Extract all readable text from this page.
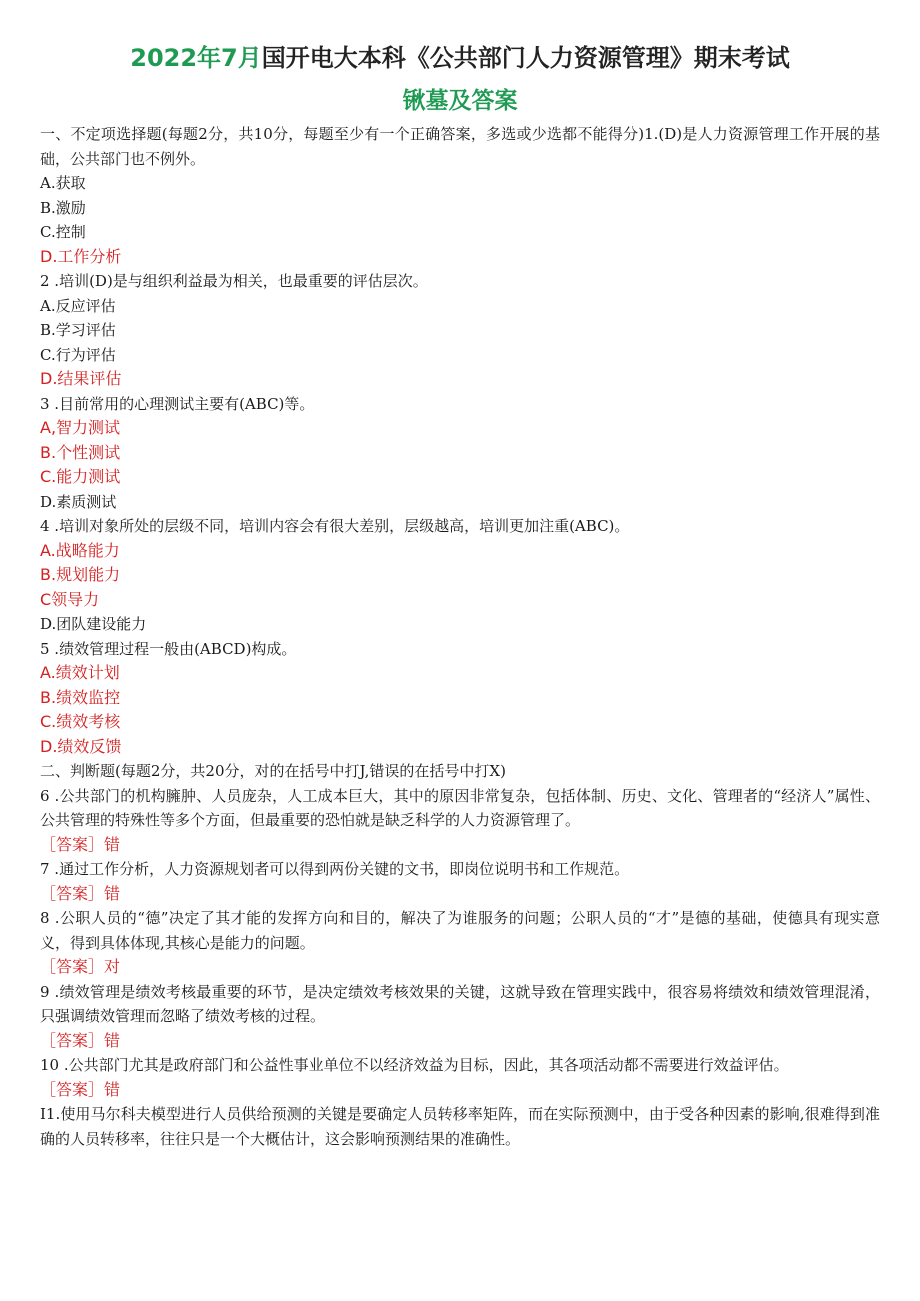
2022年7月国开电大本科《公共部门人力资源管理》期末考试
锹墓及答案

一、不定项选择题(每题2分，共10分，每题至少有一个正确答案，多选或少选都不能得分)1.(D)是人力资源管理工作开展的基础，公共部门也不例外。

A.获取

B.激励

C.控制

D.工作分析

2 .培训(D)是与组织利益最为相关，也最重要的评估层次。

A.反应评估

B.学习评估

C.行为评估

D.结果评估

3 .目前常用的心理测试主要有(ABC)等。

A,智力测试

B.个性测试

C.能力测试

D.素质测试

4 .培训对象所处的层级不同，培训内容会有很大差别，层级越高，培训更加注重(ABC)。

A.战略能力

B.规划能力

C领导力

D.团队建设能力

5 .绩效管理过程一般由(ABCD)构成。

A.绩效计划

B.绩效监控

C.绩效考核

D.绩效反馈

二、判断题(每题2分，共20分，对的在括号中打J,错误的在括号中打X)

6 .公共部门的机构臃肿、人员庞杂，人工成本巨大，其中的原因非常复杂，包括体制、历史、文化、管理者的“经济人”属性、公共管理的特殊性等多个方面，但最重要的恐怕就是缺乏科学的人力资源管理了。

［答案］错

7 .通过工作分析，人力资源规划者可以得到两份关键的文书，即岗位说明书和工作规范。

［答案］错

8 .公职人员的“德”决定了其才能的发挥方向和目的，解决了为谁服务的问题；公职人员的“才”是德的基础，使德具有现实意义，得到具体体现,其核心是能力的问题。

［答案］对

9 .绩效管理是绩效考核最重要的环节，是决定绩效考核效果的关键，这就导致在管理实践中，很容易将绩效和绩效管理混淆，只强调绩效管理而忽略了绩效考核的过程。

［答案］错

10 .公共部门尤其是政府部门和公益性事业单位不以经济效益为目标，因此，其各项活动都不需要进行效益评估。

［答案］错

I1.使用马尔科夫模型进行人员供给预测的关键是要确定人员转移率矩阵，而在实际预测中，由于受各种因素的影响,很难得到准确的人员转移率，往往只是一个大概估计，这会影响预测结果的准确性。
